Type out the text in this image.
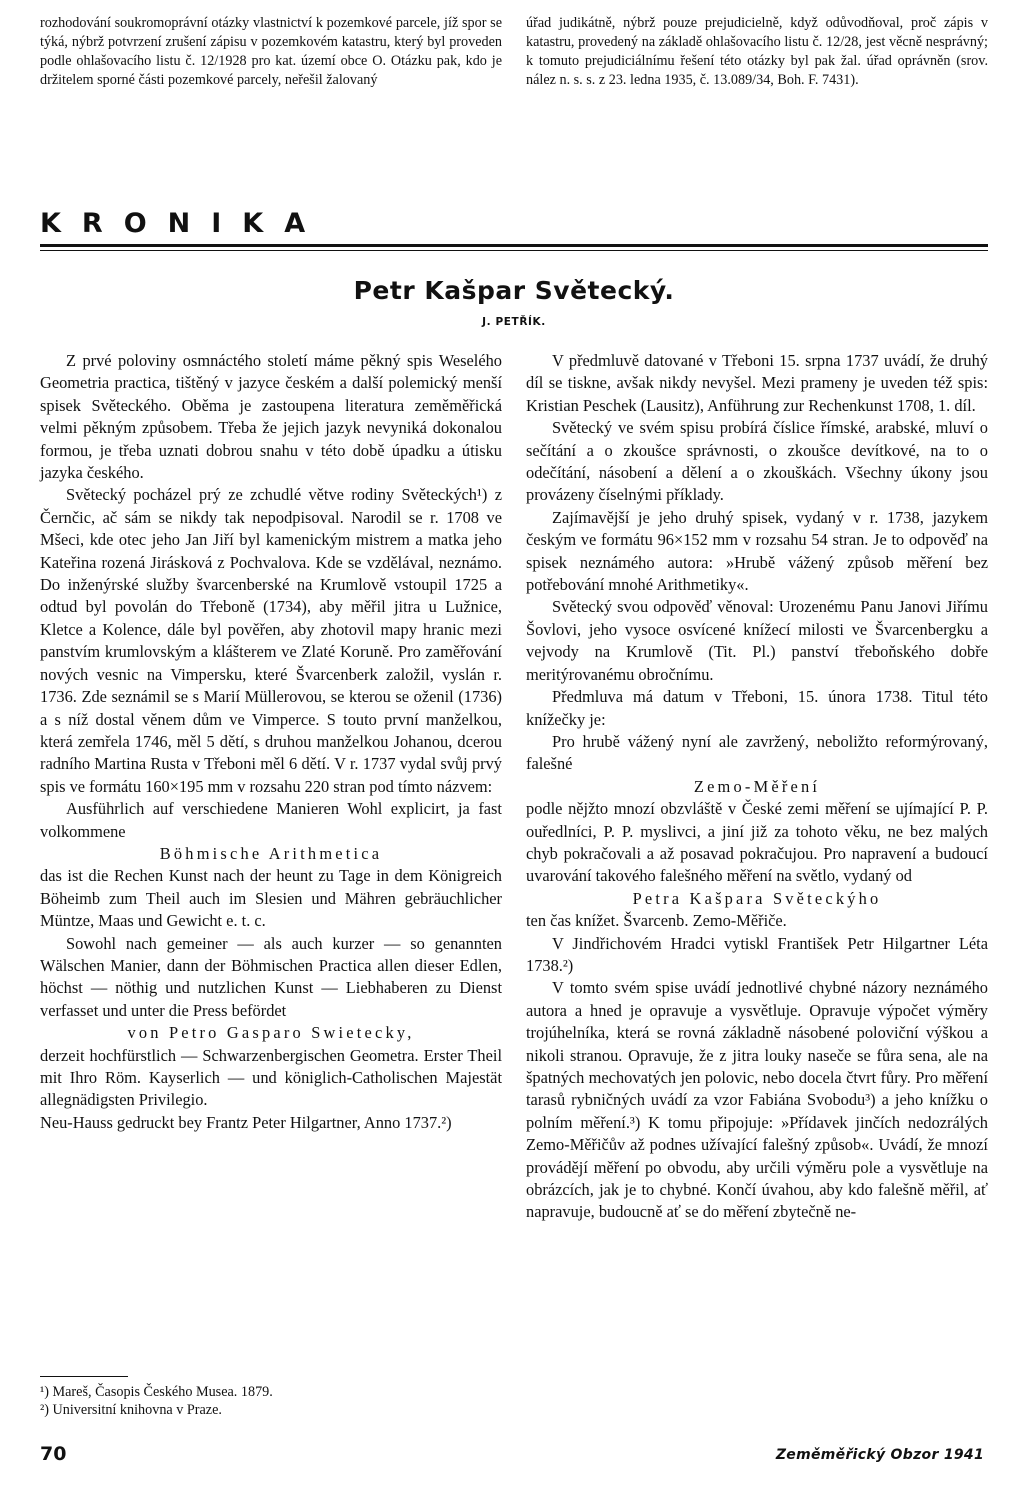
rozhodování soukromoprávní otázky vlastnictví k pozemkové parcele, jíž spor se týká, nýbrž potvrzení zrušení zápisu v pozemkovém katastru, který byl proveden podle ohlašovacího listu č. 12/1928 pro kat. území obce O. Otázku pak, kdo je držitelem sporné části pozemkové parcely, neřešil žalovaný

úřad judikátně, nýbrž pouze prejudicielně, když odůvodňoval, proč zápis v katastru, provedený na základě ohlašovacího listu č. 12/28, jest věcně nesprávný; k tomuto prejudiciálnímu řešení této otázky byl pak žal. úřad oprávněn (srov. nález n. s. s. z 23. ledna 1935, č. 13.089/34, Boh. F. 7431).

KRONIKA
Petr Kašpar Světecký.
J. PETŘÍK.

Z prvé poloviny osmnáctého století máme pěkný spis Weselého Geometria practica, tištěný v jazyce českém a další polemický menší spisek Světeckého. Oběma je zastoupena literatura zeměměřická velmi pěkným způsobem. Třeba že jejich jazyk nevyniká dokonalou formou, je třeba uznati dobrou snahu v této době úpadku a útisku jazyka českého.

Světecký pocházel prý ze zchudlé větve rodiny Světeckých¹) z Černčic, ač sám se nikdy tak nepodpisoval. Narodil se r. 1708 ve Mšeci, kde otec jeho Jan Jiří byl kamenickým mistrem a matka jeho Kateřina rozená Jirásková z Pochvalova. Kde se vzdělával, neznámo. Do inženýrské služby švarcenberské na Krumlově vstoupil 1725 a odtud byl povolán do Třeboně (1734), aby měřil jitra u Lužnice, Kletce a Kolence, dále byl pověřen, aby zhotovil mapy hranic mezi panstvím krumlovským a klášterem ve Zlaté Koruně. Pro zaměřování nových vesnic na Vimpersku, které Švarcenberk založil, vyslán r. 1736. Zde seznámil se s Marií Müllerovou, se kterou se oženil (1736) a s níž dostal věnem dům ve Vimperce. S touto první manželkou, která zemřela 1746, měl 5 dětí, s druhou manželkou Johanou, dcerou radního Martina Rusta v Třeboni měl 6 dětí. V r. 1737 vydal svůj prvý spis ve formátu 160×195 mm v rozsahu 220 stran pod tímto názvem:

Ausführlich auf verschiedene Manieren Wohl explicirt, ja fast volkommene

Böhmische Arithmetica

das ist die Rechen Kunst nach der heunt zu Tage in dem Königreich Böheimb zum Theil auch im Slesien und Mähren gebräuchlicher Müntze, Maas und Gewicht e. t. c.

Sowohl nach gemeiner — als auch kurzer — so genannten Wälschen Manier, dann der Böhmischen Practica allen dieser Edlen, höchst — nöthig und nutzlichen Kunst — Liebhaberen zu Dienst verfasset und unter die Press befördet

von Petro Gasparo Swietecky,

derzeit hochfürstlich — Schwarzenbergischen Geometra. Erster Theil mit Ihro Röm. Kayserlich — und königlich-Catholischen Majestät allegnädigsten Privilegio.

Neu-Hauss gedruckt bey Frantz Peter Hilgartner, Anno 1737.²)

¹) Mareš, Časopis Českého Musea. 1879.

²) Universitní knihovna v Praze.

V předmluvě datované v Třeboni 15. srpna 1737 uvádí, že druhý díl se tiskne, avšak nikdy nevyšel. Mezi prameny je uveden též spis: Kristian Peschek (Lausitz), Anführung zur Rechenkunst 1708, 1. díl.

Světecký ve svém spisu probírá číslice římské, arabské, mluví o sečítání a o zkoušce správnosti, o zkoušce devítkové, na to o odečítání, násobení a dělení a o zkouškách. Všechny úkony jsou provázeny číselnými příklady.

Zajímavější je jeho druhý spisek, vydaný v r. 1738, jazykem českým ve formátu 96×152 mm v rozsahu 54 stran. Je to odpověď na spisek neznámého autora: »Hrubě vážený způsob měření bez potřebování mnohé Arithmetiky«.

Světecký svou odpověď věnoval: Urozenému Panu Janovi Jiřímu Šovlovi, jeho vysoce osvícené knížecí milosti ve Švarcenbergku a vejvody na Krumlově (Tit. Pl.) panství třeboňského dobře meritýrovanému obročnímu.

Předmluva má datum v Třeboni, 15. února 1738. Titul této knížečky je:

Pro hrubě vážený nyní ale zavržený, neboližto reformýrovaný, falešné

Zemo-Měření

podle nějžto mnozí obzvláště v České zemi měření se ujímající P. P. ouředlníci, P. P. myslivci, a jiní již za tohoto věku, ne bez malých chyb pokračovali a až posavad pokračujou. Pro napravení a budoucí uvarování takového falešného měření na světlo, vydaný od

Petra Kašpara Světeckýho

ten čas knížet. Švarcenb. Zemo-Měřiče.

V Jindřichovém Hradci vytiskl František Petr Hilgartner Léta 1738.²)

V tomto svém spise uvádí jednotlivé chybné názory neznámého autora a hned je opravuje a vysvětluje. Opravuje výpočet výměry trojúhelníka, která se rovná základně násobené poloviční výškou a nikoli stranou. Opravuje, že z jitra louky naseče se fůra sena, ale na špatných mechovatých jen polovic, nebo docela čtvrt fůry. Pro měření tarasů rybničných uvádí za vzor Fabiána Svobodu³) a jeho knížku o polním měření.³) K tomu připojuje: »Přídavek jinčích nedozrálých Zemo-Měřičův až podnes užívající falešný způsob«. Uvádí, že mnozí provádějí měření po obvodu, aby určili výměru pole a vysvětluje na obrázcích, jak je to chybné. Končí úvahou, aby kdo falešně měřil, ať napravuje, budoucně ať se do měření zbytečně ne-

70	Zeměměřický Obzor 1941
